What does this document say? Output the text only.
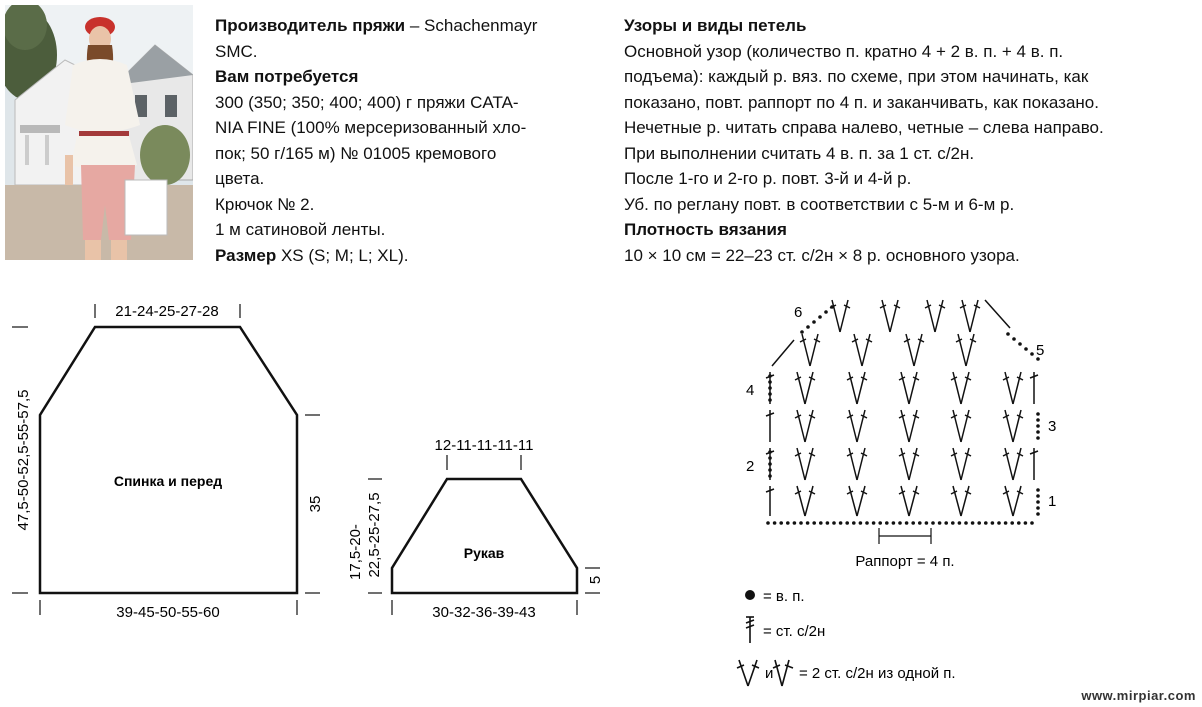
Производитель пряжи – Schachenmayr

SMC.

Вам потребуется

300 (350; 350; 400; 400) г пряжи CATA-

NIA FINE (100% мерсеризованный хло-

пок; 50 г/165 м) № 01005 кремового

цвета.

Крючок № 2.

1 м сатиновой ленты.

Размер XS (S; M; L; XL).

Узоры и виды петель

Основной узор (количество п. кратно 4 + 2 в. п. + 4 в. п.

подъема): каждый р. вяз. по схеме, при этом начинать, как

показано, повт. раппорт по 4 п. и заканчивать, как показано.

Нечетные р. читать справа налево, четные – слева направо.

При выполнении считать 4 в. п. за 1 ст. с/2н.

После 1-го и 2-го р. повт. 3-й и 4-й р.

Уб. по реглану повт. в соответствии с 5-м и 6-м р.

Плотность вязания

10 × 10 см = 22–23 ст. с/2н × 8 р. основного узора.

Спинка и перед
21-24-25-27-28
39-45-50-55-60
47,5-50-52,5-55-57,5	35
Рукав
12-11-11-11-11
30-32-36-39-43
17,5-20- 22,5-25-27,5
5
1
2
3
4
5
6
Раппорт = 4 п.
= в. п.
= ст. с/2н
и = 2 ст. с/2н из одной п.
www.mirpiar.com
